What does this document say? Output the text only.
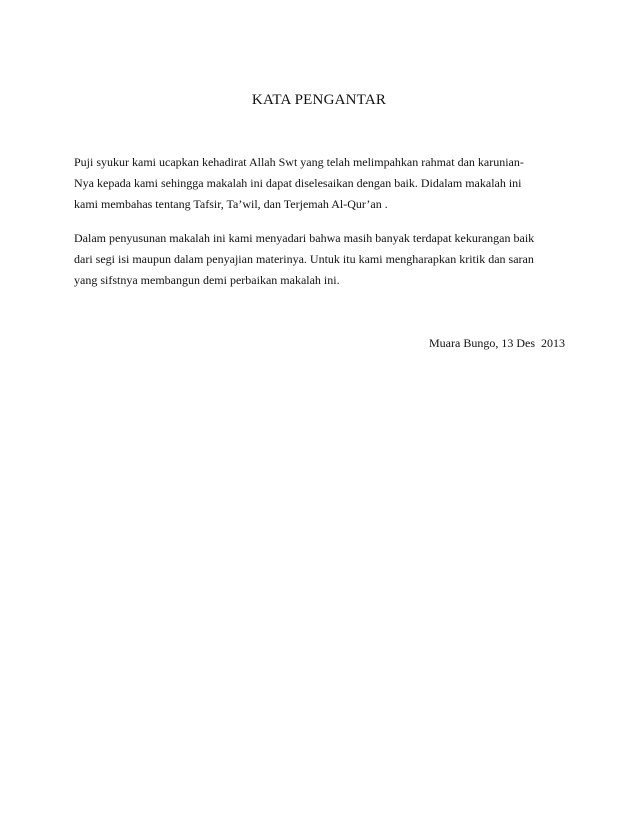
KATA PENGANTAR

Puji syukur kami ucapkan kehadirat Allah Swt yang telah melimpahkan rahmat dan karunian-
Nya kepada kami sehingga makalah ini dapat diselesaikan dengan baik. Didalam makalah ini
kami membahas tentang Tafsir, Ta’wil, dan Terjemah Al-Qur’an .

Dalam penyusunan makalah ini kami menyadari bahwa masih banyak terdapat kekurangan baik
dari segi isi maupun dalam penyajian materinya. Untuk itu kami mengharapkan kritik dan saran
yang sifstnya membangun demi perbaikan makalah ini.

Muara Bungo, 13 Des  2013
